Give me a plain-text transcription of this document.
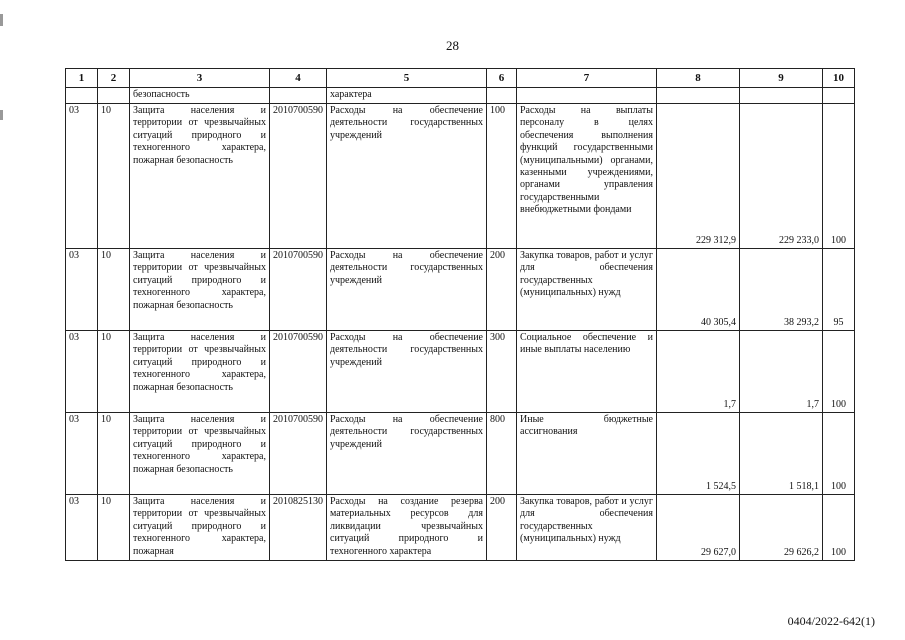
28
1	2	3	4	5	6	7	8	9	10
		безопасность		характера					
03	10	Защита населения и территории от чрезвычайных ситуаций природного и техногенного характера, пожарная безопасность	2010700590	Расходы на обеспечение деятельности государственных учреждений	100	Расходы на выплаты персоналу в целях обеспечения выполнения функций государственными (муниципальными) органами, казенными учреждениями, органами управления государственными внебюджетными фондами	229 312,9	229 233,0	100
03	10	Защита населения и территории от чрезвычайных ситуаций природного и техногенного характера, пожарная безопасность	2010700590	Расходы на обеспечение деятельности государственных учреждений	200	Закупка товаров, работ и услуг для обеспечения государственных (муниципальных) нужд	40 305,4	38 293,2	95
03	10	Защита населения и территории от чрезвычайных ситуаций природного и техногенного характера, пожарная безопасность	2010700590	Расходы на обеспечение деятельности государственных учреждений	300	Социальное обеспечение и иные выплаты населению	1,7	1,7	100
03	10	Защита населения и территории от чрезвычайных ситуаций природного и техногенного характера, пожарная безопасность	2010700590	Расходы на обеспечение деятельности государственных учреждений	800	Иные бюджетные ассигнования	1 524,5	1 518,1	100
03	10	Защита населения и территории от чрезвычайных ситуаций природного и техногенного характера, пожарная	2010825130	Расходы на создание резерва материальных ресурсов для ликвидации чрезвычайных ситуаций природного и техногенного характера	200	Закупка товаров, работ и услуг для обеспечения государственных (муниципальных) нужд	29 627,0	29 626,2	100
0404/2022-642(1)
